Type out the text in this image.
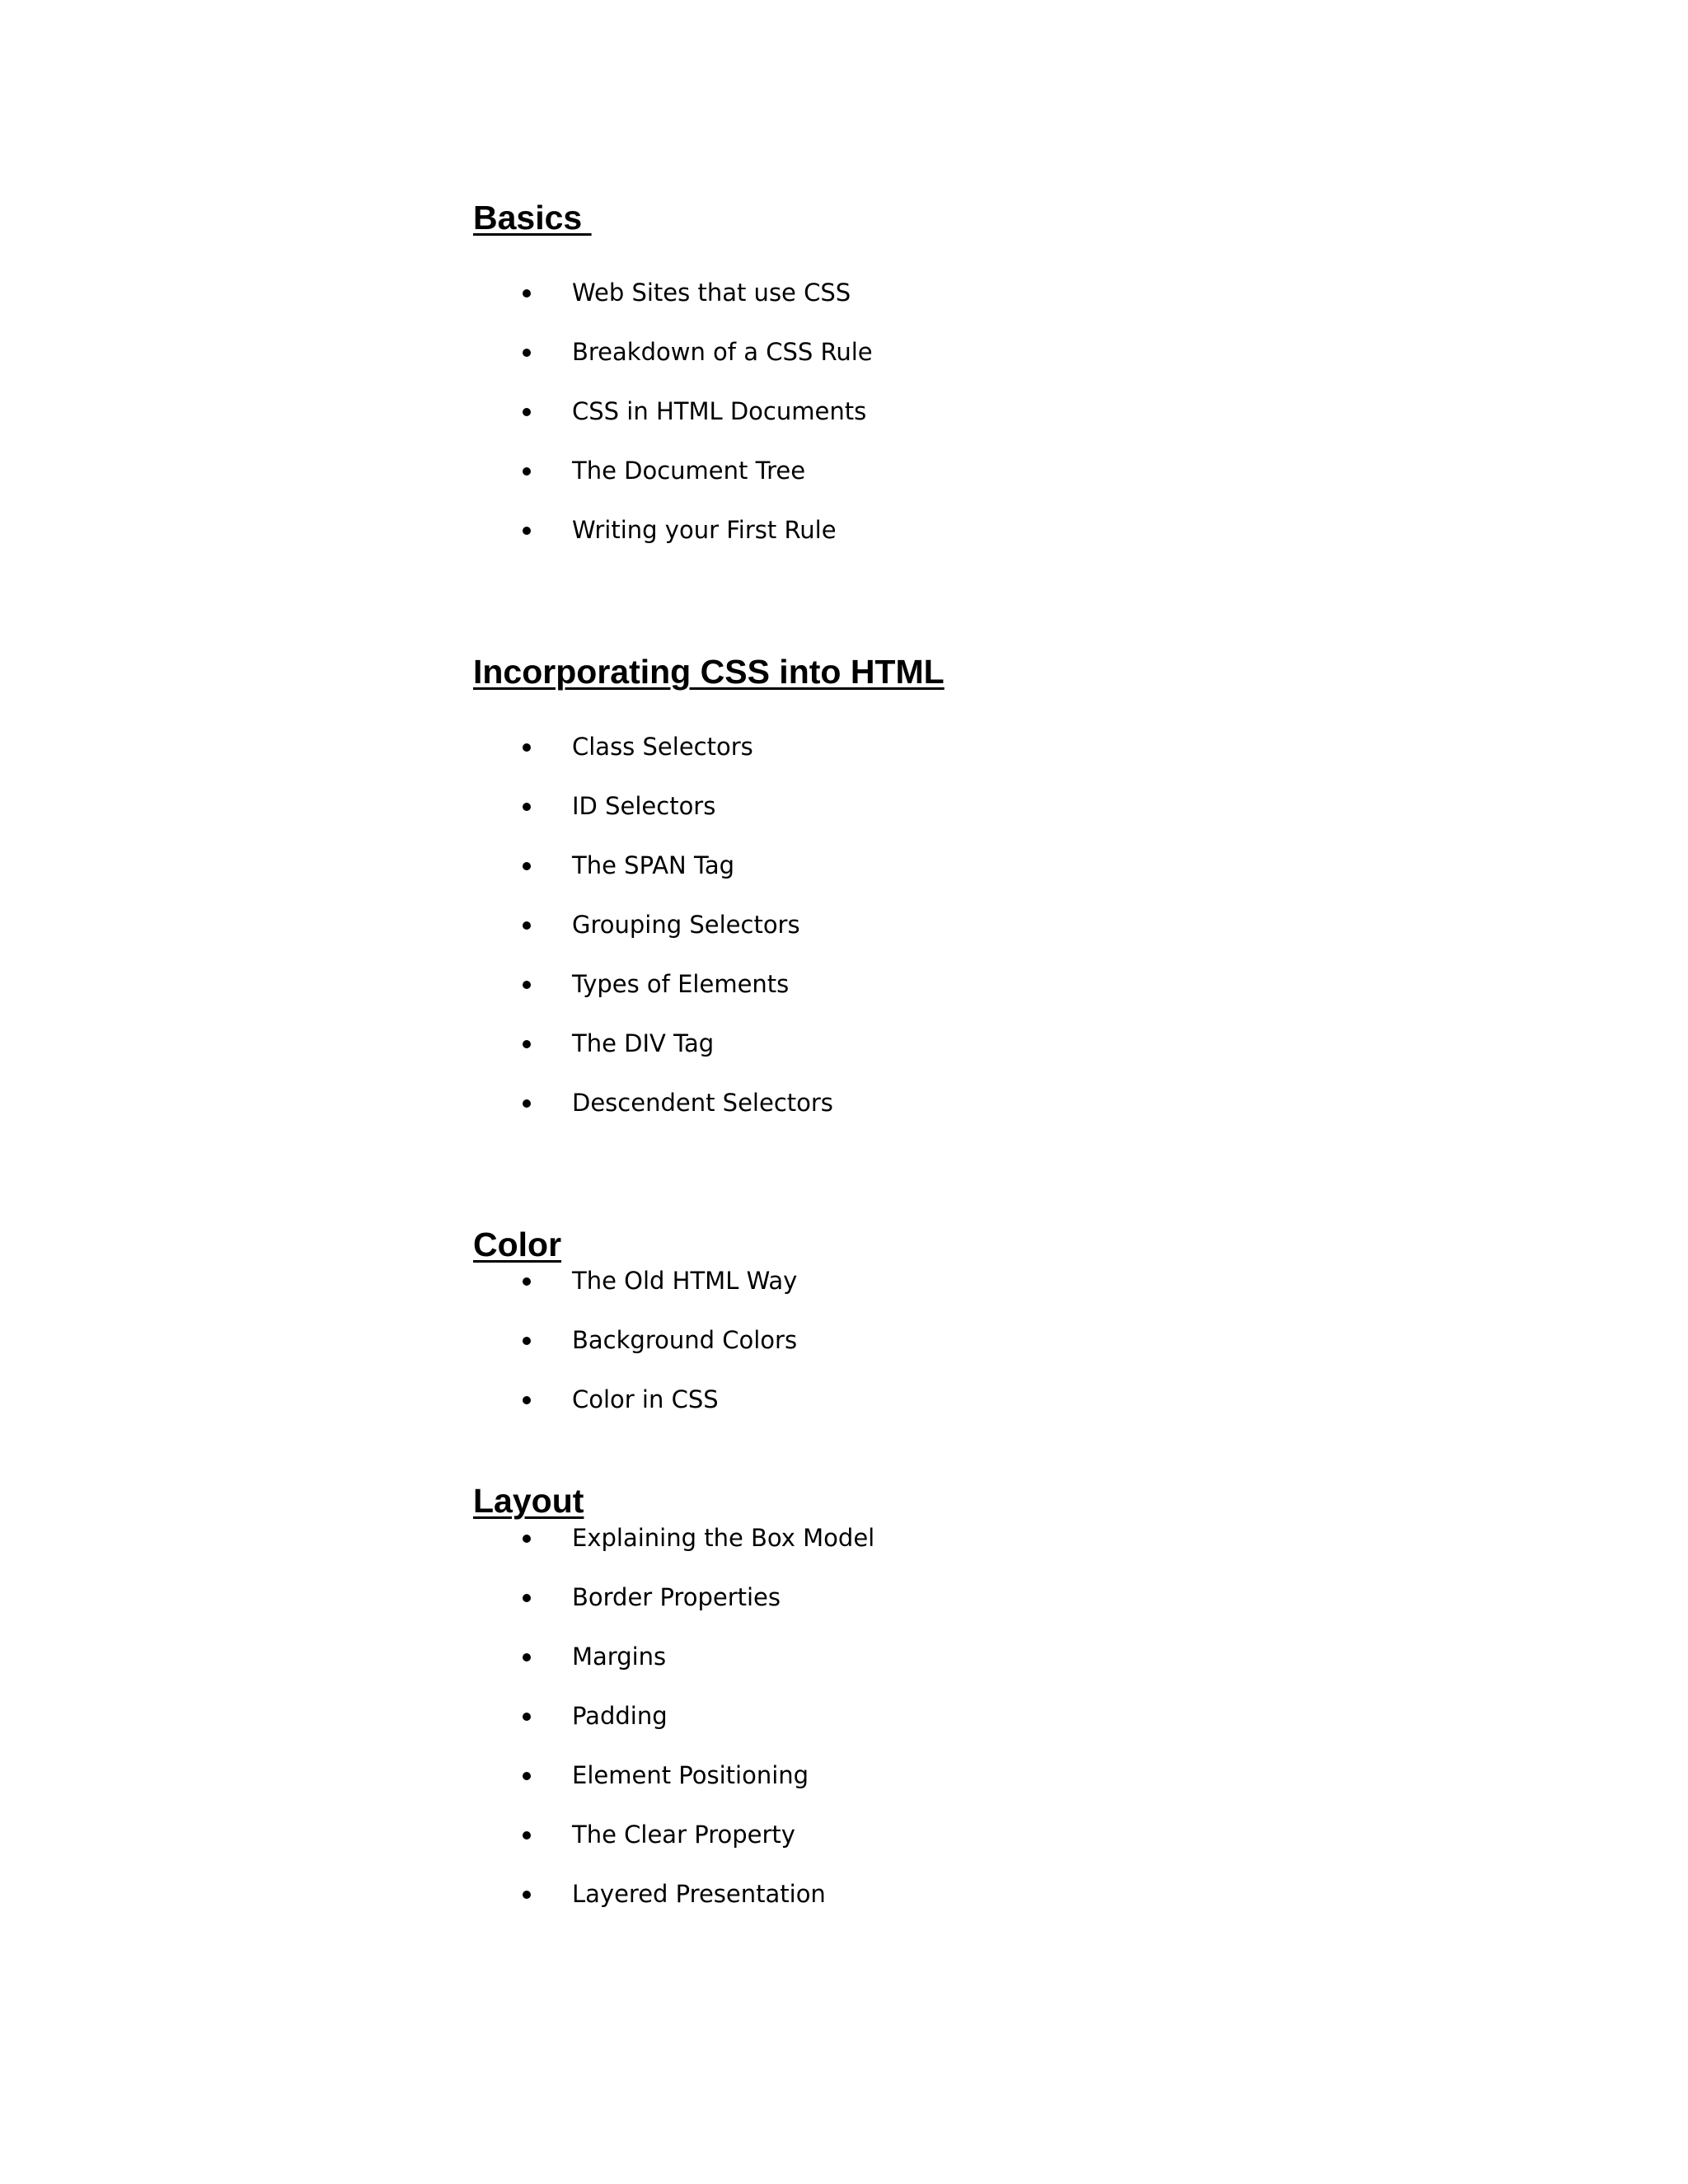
Basics
Web Sites that use CSS
Breakdown of a CSS Rule
CSS in HTML Documents
The Document Tree
Writing your First Rule
Incorporating CSS into HTML
Class Selectors
ID Selectors
The SPAN Tag
Grouping Selectors
Types of Elements
The DIV Tag
Descendent Selectors
Color
The Old HTML Way
Background Colors
Color in CSS
Layout
Explaining the Box Model
Border Properties
Margins
Padding
Element Positioning
The Clear Property
Layered Presentation
